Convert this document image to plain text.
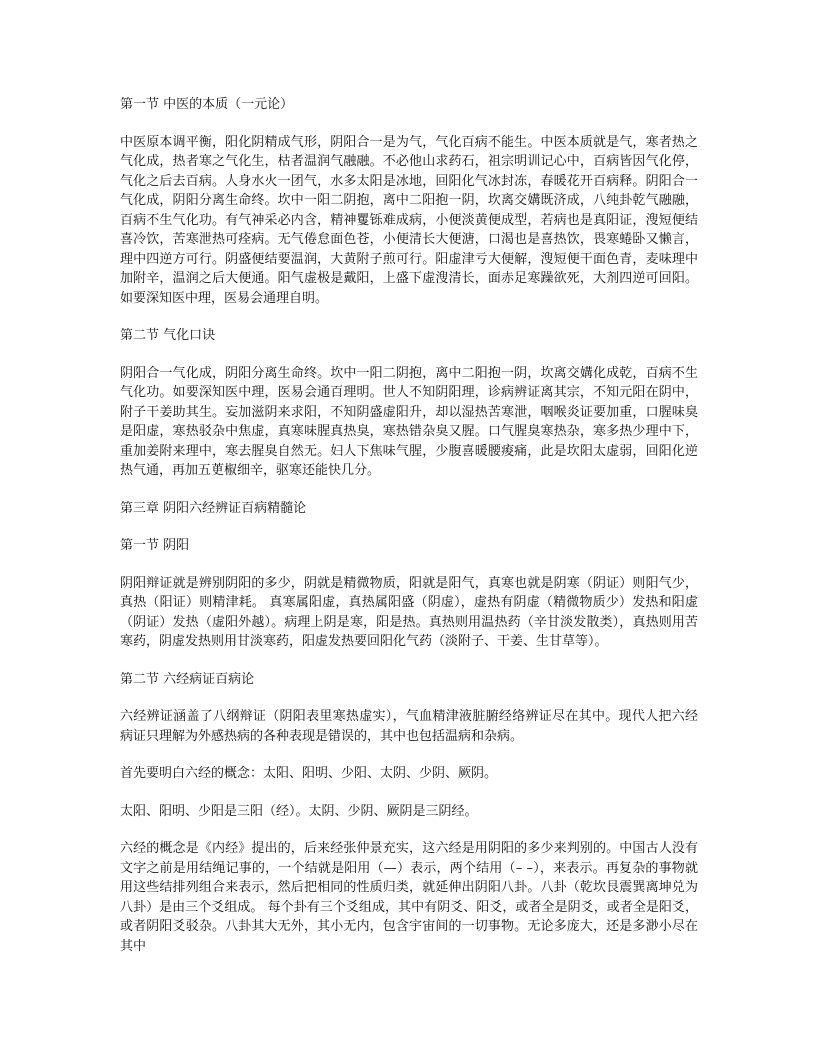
第一节 中医的本质（一元论）
中医原本调平衡，阳化阴精成气形，阴阳合一是为气，气化百病不能生。中医本质就是气，寒者热之气化成，热者寒之气化生，枯者温润气融融。不必他山求药石，祖宗明训记心中，百病皆因气化停，气化之后去百病。人身水火一团气，水多太阳是冰地，回阳化气冰封冻，春暖花开百病释。阴阳合一气化成，阴阳分离生命终。坎中一阳二阴抱，离中二阳抱一阴，坎离交媾既济成，八纯卦乾气融融，百病不生气化功。有气神采必内含，精神矍铄难成病，小便淡黄便成型，若病也是真阳证，溲短便结喜冷饮，苦寒泄热可痊病。无气倦怠面色苍，小便清长大便溏，口渴也是喜热饮，畏寒蜷卧又懒言，理中四逆方可行。阴盛便结要温润，大黄附子煎可行。阳虚津亏大便解，溲短便干面色青，麦味理中加附辛，温润之后大便通。阳气虚极是戴阳，上盛下虚溲清长，面赤足寒躁欲死，大剂四逆可回阳。 如要深知医中理，医易会通理自明。
第二节 气化口诀
阴阳合一气化成，阴阳分离生命终。坎中一阳二阴抱，离中二阳抱一阴，坎离交媾化成乾，百病不生气化功。如要深知医中理，医易会通百理明。世人不知阴阳理，诊病辨证离其宗，不知元阳在阴中，附子干姜助其生。妄加滋阴来求阳，不知阴盛虚阳升，却以湿热苦寒泄，咽喉炎证要加重，口腥味臭是阳虚，寒热驳杂中焦虚，真寒味腥真热臭，寒热错杂臭又腥。口气腥臭寒热杂，寒多热少理中下，重加姜附来理中，寒去腥臭自然无。妇人下焦味气腥，少腹喜暖腰痠痛，此是坎阳太虚弱，回阳化逆热气通，再加五茰椒细辛，驱寒还能快几分。
第三章 阴阳六经辨证百病精髓论
第一节 阴阳
阴阳辩证就是辨别阴阳的多少，阴就是精微物质，阳就是阳气，真寒也就是阴寒（阴证）则阳气少，真热（阳证）则精津耗。 真寒属阳虚，真热属阳盛（阴虚），虚热有阴虚（精微物质少）发热和阳虚（阴证）发热（虚阳外越）。病理上阴是寒，阳是热。真热则用温热药（辛甘淡发散类），真热则用苦寒药，阴虚发热则用甘淡寒药，阳虚发热要回阳化气药（淡附子、干姜、生甘草等）。
第二节 六经病证百病论
六经辨证涵盖了八纲辩证（阴阳表里寒热虚实），气血精津液脏腑经络辨证尽在其中。现代人把六经病证只理解为外感热病的各种表现是错误的，其中也包括温病和杂病。
首先要明白六经的概念：太阳、阳明、少阳、太阴、少阴、厥阴。
太阳、阳明、少阳是三阳（经）。太阴、少阴、厥阴是三阴经。
六经的概念是《内经》提出的，后来经张仲景充实，这六经是用阴阳的多少来判别的。中国古人没有文字之前是用结绳记事的，一个结就是阳用（—）表示，两个结用（– –），来表示。再复杂的事物就用这些结排列组合来表示，然后把相同的性质归类，就延伸出阴阳八卦。八卦（乾坎艮震巽离坤兑为八卦）是由三个爻组成。 每个卦有三个爻组成，其中有阴爻、阳爻，或者全是阴爻，或者全是阳爻，或者阴阳爻驳杂。八卦其大无外，其小无内，包含宇宙间的一切事物。无论多庞大，还是多渺小尽在其中
